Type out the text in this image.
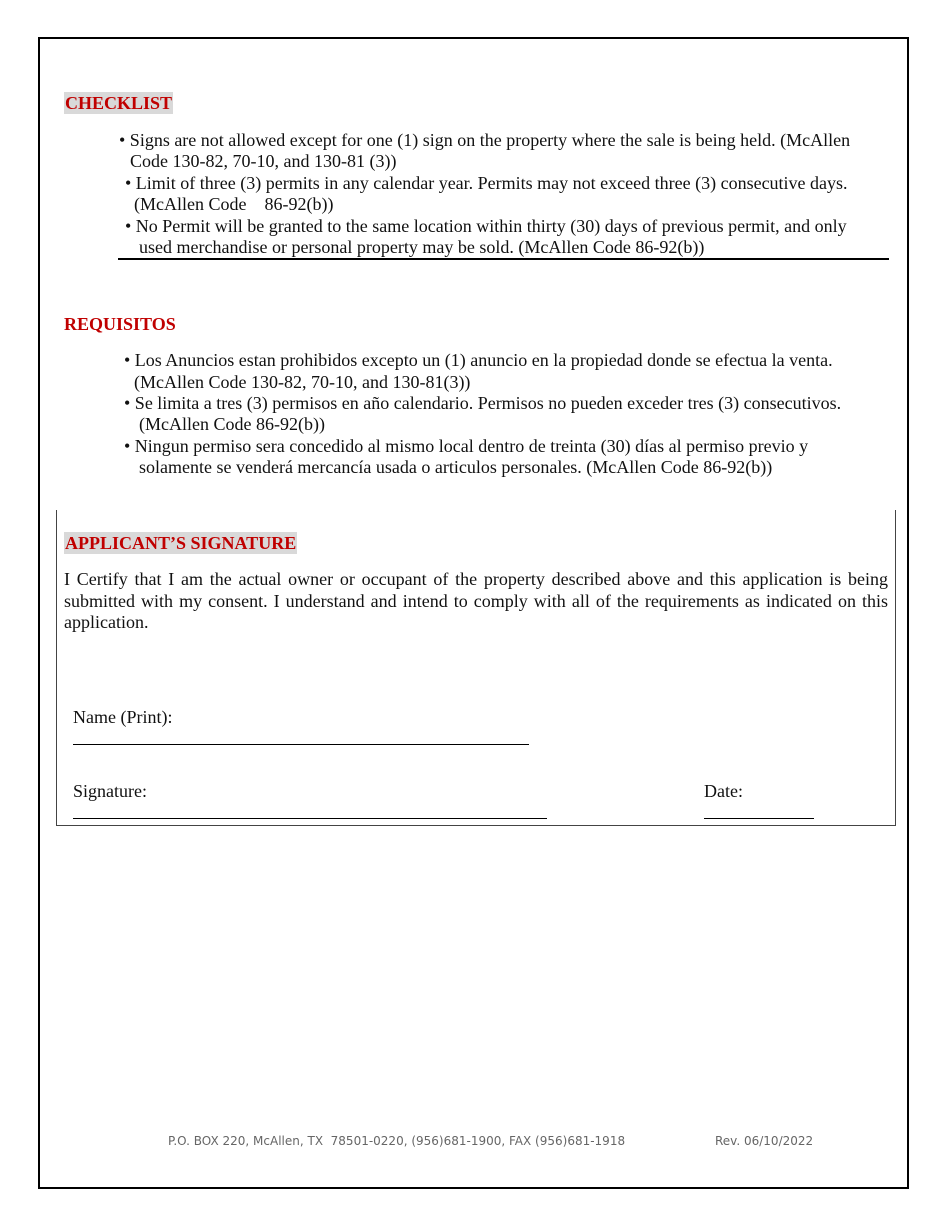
CHECKLIST
• Signs are not allowed except for one (1) sign on the property where the sale is being held. (McAllen
Code 130-82, 70-10, and 130-81 (3))
• Limit of three (3) permits in any calendar year. Permits may not exceed three (3) consecutive days.
(McAllen Code    86-92(b))
• No Permit will be granted to the same location within thirty (30) days of previous permit, and only
used merchandise or personal property may be sold. (McAllen Code 86-92(b))
REQUISITOS
• Los Anuncios estan prohibidos excepto un (1) anuncio en la propiedad donde se efectua la venta.
(McAllen Code 130-82, 70-10, and 130-81(3))
• Se limita a tres (3) permisos en año calendario. Permisos no pueden exceder tres (3) consecutivos.
(McAllen Code 86-92(b))
• Ningun permiso sera concedido al mismo local dentro de treinta (30) días al permiso previo y
solamente se venderá mercancía usada o articulos personales. (McAllen Code 86-92(b))
APPLICANT’S SIGNATURE
I Certify that I am the actual owner or occupant of the property described above and this application is being submitted with my consent. I understand and intend to comply with all of the requirements as indicated on this application.

Name (Print):

Signature:
	Date:

P.O. BOX 220, McAllen, TX  78501-0220, (956)681-1900, FAX (956)681-1918	Rev. 06/10/2022
